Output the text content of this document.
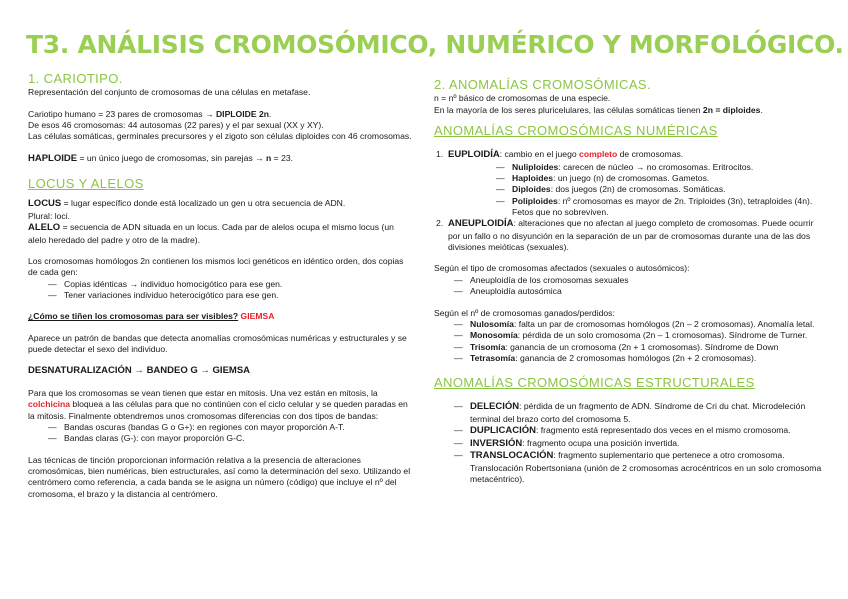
T3. ANÁLISIS CROMOSÓMICO, NUMÉRICO Y MORFOLÓGICO.
1. CARIOTIPO.

Representación del conjunto de cromosomas de una células en metafase.

Cariotipo humano = 23 pares de cromosomas → DIPLOIDE 2n.

De esos 46 cromosomas: 44 autosomas (22 pares) y el par sexual (XX y XY).

Las células somáticas, germinales precursores y el zigoto son células diploides con 46 cromosomas.

HAPLOIDE = un único juego de cromosomas, sin parejas → n = 23.

LOCUS Y ALELOS

LOCUS = lugar específico donde está localizado un gen u otra secuencia de ADN.

Plural: loci.

ALELO = secuencia de ADN situada en un locus. Cada par de alelos ocupa el mismo locus (un alelo heredado del padre y otro de la madre).

Los cromosomas homólogos 2n contienen los mismos loci genéticos en idéntico orden, dos copias de cada gen:

— Copias idénticas → individuo homocigótico para ese gen.
— Tener variaciones individuo heterocigótico para ese gen.

¿Cómo se tiñen los cromosomas para ser visibles? GIEMSA

Aparece un patrón de bandas que detecta anomalías cromosómicas numéricas y estructurales y se puede detectar el sexo del individuo.

DESNATURALIZACIÓN → BANDEO G → GIEMSA

Para que los cromosomas se vean tienen que estar en mitosis. Una vez están en mitosis, la colchicina bloquea a las células para que no continúen con el ciclo celular y se queden paradas en la mitosis. Finalmente obtendremos unos cromosomas diferencias con dos tipos de bandas:

— Bandas oscuras (bandas G o G+): en regiones con mayor proporción A-T.
— Bandas claras (G-): con mayor proporción G-C.

Las técnicas de tinción proporcionan información relativa a la presencia de alteraciones cromosómicas, bien numéricas, bien estructurales, así como la determinación del sexo. Utilizando el centrómero como referencia, a cada banda se le asigna un número (código) que incluye el nº del cromosoma, el brazo y la distancia al centrómero.

2. ANOMALÍAS CROMOSÓMICAS.

n = nº básico de cromosomas de una especie.

En la mayoría de los seres pluricelulares, las células somáticas tienen 2n = diploides.

ANOMALÍAS CROMOSÓMICAS NUMÉRICAS
1. EUPLOIDÍA: cambio en el juego completo de cromosomas.
— Nuliploides: carecen de núcleo → no cromosomas. Eritrocitos.
— Haploides: un juego (n) de cromosomas. Gametos.
— Diploides: dos juegos (2n) de cromosomas. Somáticas.
— Poliploides: nº cromosomas es mayor de 2n. Triploides (3n), tetraploides (4n). Fetos que no sobreviven.
2. ANEUPLOIDÍA: alteraciones que no afectan al juego completo de cromosomas. Puede ocurrir por un fallo o no disyunción en la separación de un par de cromosomas durante una de las dos divisiones meióticas (sexuales).

Según el tipo de cromosomas afectados (sexuales o autosómicos):

— Aneuploidía de los cromosomas sexuales
— Aneuploidía autosómica

Según el nº de cromosomas ganados/perdidos:

— Nulosomía: falta un par de cromosomas homólogos (2n – 2 cromosomas). Anomalía letal.
— Monosomía: pérdida de un solo cromosoma (2n – 1 cromosomas). Síndrome de Turner.
— Trisomía: ganancia de un cromosoma (2n + 1 cromosomas). Síndrome de Down
— Tetrasomía: ganancia de 2 cromosomas homólogos (2n + 2 cromosomas).
ANOMALÍAS CROMOSÓMICAS ESTRUCTURALES
— DELECIÓN: pérdida de un fragmento de ADN. Síndrome de Cri du chat. Microdeleción terminal del brazo corto del cromosoma 5.
— DUPLICACIÓN: fragmento está representado dos veces en el mismo cromosoma.
— INVERSIÓN: fragmento ocupa una posición invertida.
— TRANSLOCACIÓN: fragmento suplementario que pertenece a otro cromosoma. Translocación Robertsoniana (unión de 2 cromosomas acrocéntricos en un solo cromosoma metacéntrico).
